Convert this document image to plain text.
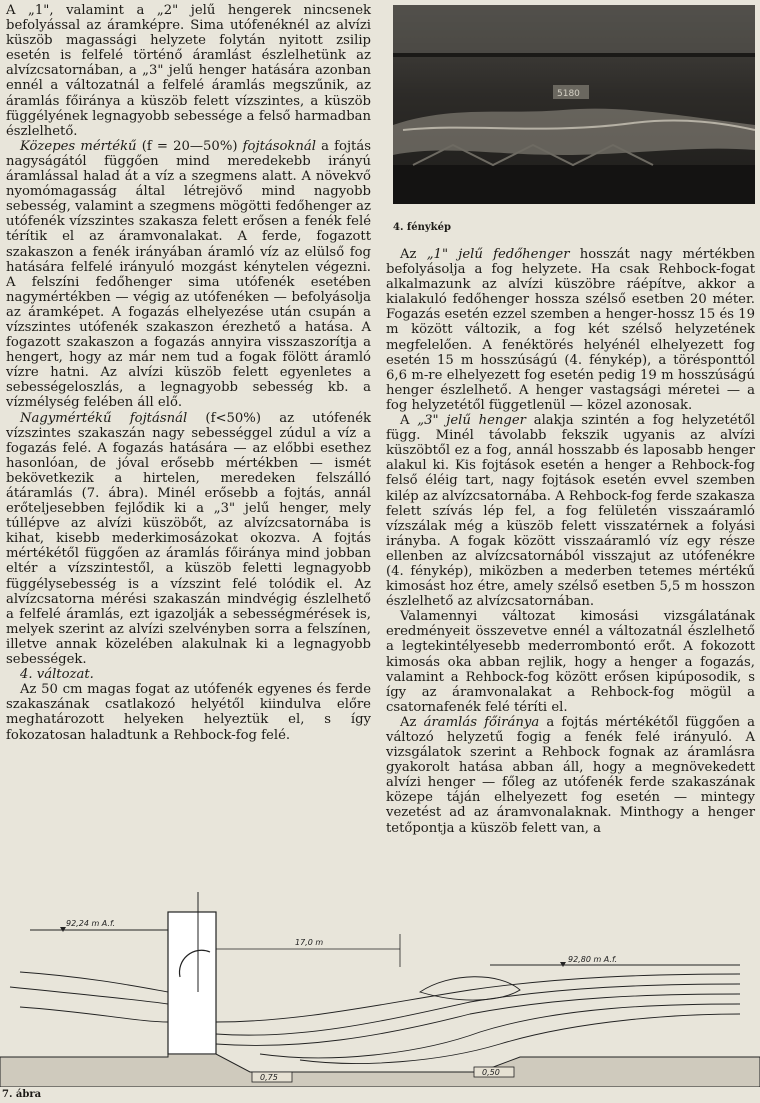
A „1", valamint a „2" jelű hengerek nincsenek befolyással az áramképre. Sima utófenéknél az alvízi küszöb magassági helyzete folytán nyitott zsilip esetén is felfelé történő áramlást észlelhetünk az alvízcsatornában, a „3" jelű henger hatására azonban ennél a változatnál a felfelé áramlás megszűnik, az áramlás főiránya a küszöb felett vízszintes, a küszöb függélyének legnagyobb sebessége a felső harmadban észlelhető.

Közepes mértékű (f = 20—50%) fojtásoknál a fojtás nagyságától függően mind meredekebb irányú áramlással halad át a víz a szegmens alatt. A növekvő nyomómagasság által létrejövő mind nagyobb sebesség, valamint a szegmens mögötti fedőhenger az utófenék vízszintes szakasza felett erősen a fenék felé térítik el az áramvonalakat. A ferde, fogazott szakaszon a fenék irányában áramló víz az elülső fog hatására felfelé irányuló mozgást kénytelen végezni. A felszíni fedőhenger sima utófenék esetében nagymértékben — végig az utófenéken — befolyásolja az áramképet. A fogazás elhelyezése után csupán a vízszintes utófenék szakaszon érezhető a hatása. A fogazott szakaszon a fogazás annyira visszaszorítja a hengert, hogy az már nem tud a fogak fölött áramló vízre hatni. Az alvízi küszöb felett egyenletes a sebességeloszlás, a legnagyobb sebesség kb. a vízmélység felében áll elő.

Nagymértékű fojtásnál (f<50%) az utófenék vízszintes szakaszán nagy sebességgel zúdul a víz a fogazás felé. A fogazás hatására — az előbbi esethez hasonlóan, de jóval erősebb mértékben — ismét bekövetkezik a hirtelen, meredeken felszálló átáramlás (7. ábra). Minél erősebb a fojtás, annál erőteljesebben fejlődik ki a „3" jelű henger, mely túllépve az alvízi küszöbőt, az alvízcsatornába is kihat, kisebb mederkimosázokat okozva. A fojtás mértékétől függően az áramlás főiránya mind jobban eltér a vízszintestől, a küszöb feletti legnagyobb függélysebesség is a vízszint felé tolódik el. Az alvízcsatorna mérési szakaszán mindvégig észlelhető a felfelé áramlás, ezt igazolják a sebességmérések is, melyek szerint az alvízi szelvényben sorra a felszínen, illetve annak közelében alakulnak ki a legnagyobb sebességek.

4. változat.

Az 50 cm magas fogat az utófenék egyenes és ferde szakaszának csatlakozó helyétől kiindulva előre meghatározott helyeken helyeztük el, s így fokozatosan haladtunk a Rehbock-fog felé.

5180
4. fénykép

Az „1" jelű fedőhenger hosszát nagy mértékben befolyásolja a fog helyzete. Ha csak Rehbock-fogat alkalmazunk az alvízi küszöbre ráépítve, akkor a kialakuló fedőhenger hossza szélső esetben 20 méter. Fogazás esetén ezzel szemben a henger-hossz 15 és 19 m között változik, a fog két szélső helyzetének megfelelően. A fenéktörés helyénél elhelyezett fog esetén 15 m hosszúságú (4. fénykép), a törésponttól 6,6 m-re elhelyezett fog esetén pedig 19 m hosszúságú henger észlelhető. A henger vastagsági méretei — a fog helyzetétől függetlenül — közel azonosak.

A „3" jelű henger alakja szintén a fog helyzetétől függ. Minél távolabb fekszik ugyanis az alvízi küszöbtől ez a fog, annál hosszabb és laposabb henger alakul ki. Kis fojtások esetén a henger a Rehbock-fog felső éléig tart, nagy fojtások esetén evvel szemben kilép az alvízcsatornába. A Rehbock-fog ferde szakasza felett szívás lép fel, a fog felületén visszaáramló vízszálak még a küszöb felett visszatérnek a folyási irányba. A fogak között visszaáramló víz egy része ellenben az alvízcsatornából visszajut az utófenékre (4. fénykép), miközben a mederben tetemes mértékű kimosást hoz étre, amely szélső esetben 5,5 m hosszon észlelhető az alvízcsatornában.

Valamennyi változat kimosási vizsgálatának eredményeit összevetve ennél a változatnál észlelhető a legtekintélyesebb mederrombontó erőt. A fokozott kimosás oka abban rejlik, hogy a henger a fogazás, valamint a Rehbock-fog között erősen kipúposodik, s így az áramvonalakat a Rehbock-fog mögül a csatornafenék felé téríti el.

Az áramlás főiránya a fojtás mértékétől függően a változó helyzetű fogig a fenék felé irányuló. A vizsgálatok szerint a Rehbock fognak az áramlásra gyakorolt hatása abban áll, hogy a megnövekedett alvízi henger — főleg az utófenék ferde szakaszának közepe táján elhelyezett fog esetén — mintegy vezetést ad az áramvonalaknak. Minthogy a henger tetőpontja a küszöb felett van, a

92,24 m A.f.
17,0 m
92,80 m A.f.
0,75
0,50
7. ábra
